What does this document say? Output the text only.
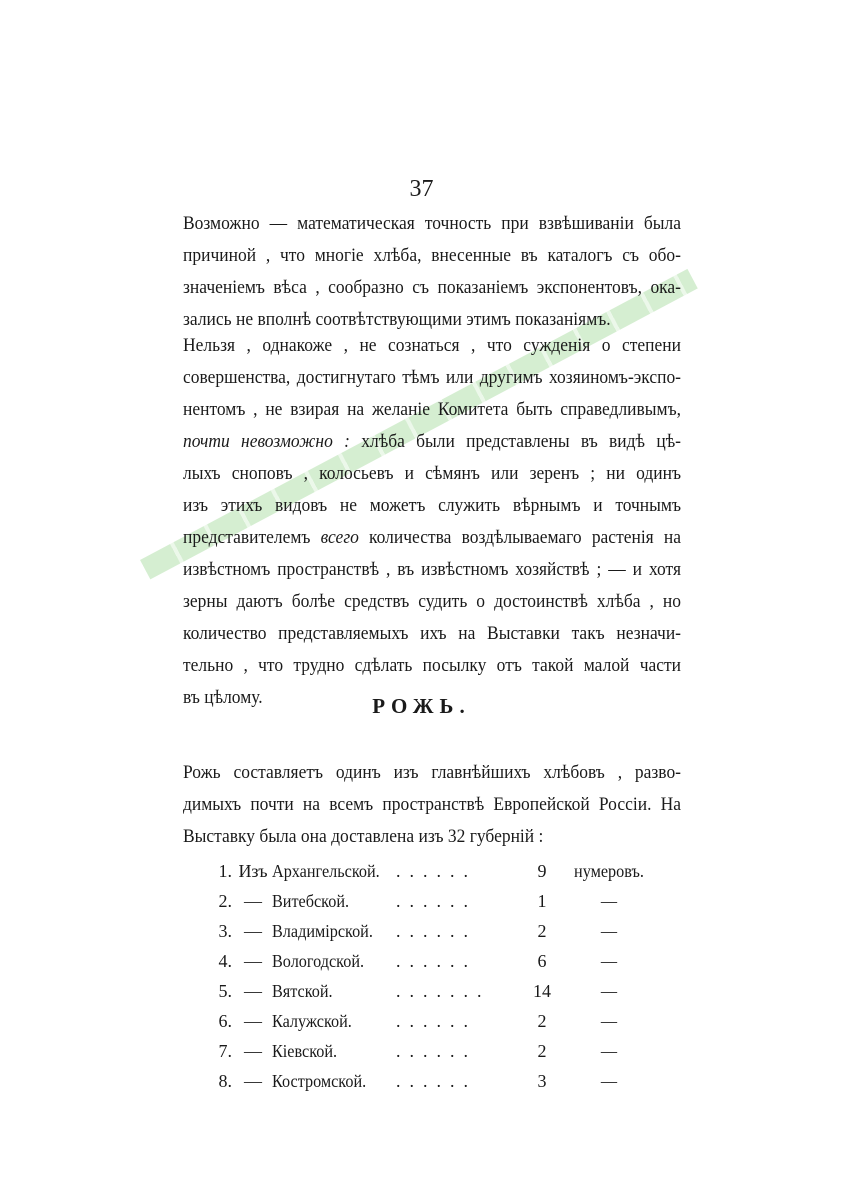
37

Возможно — математическая точность при взвѣшиваніи была
причиной , что многіе хлѣба, внесенные въ каталогъ съ обо-
значеніемъ вѣса , сообразно съ показаніемъ экспонентовъ, ока-
зались не вполнѣ соотвѣтствующими этимъ показаніямъ.

Нельзя , однакоже , не сознаться , что сужденія о степени
совершенства, достигнутаго тѣмъ или другимъ хозяиномъ-экспо-
нентомъ , не взирая на желаніе Комитета быть справедливымъ,
почти невозможно : хлѣба были представлены въ видѣ цѣ-
лыхъ сноповъ , колосьевъ и сѣмянъ или зеренъ ; ни одинъ
изъ этихъ видовъ не можетъ служить вѣрнымъ и точнымъ
представителемъ всего количества воздѣлываемаго растенія на
извѣстномъ пространствѣ , въ извѣстномъ хозяйствѣ ; — и хотя
зерны даютъ болѣе средствъ судить о достоинствѣ хлѣба , но
количество представляемыхъ ихъ на Выставки такъ незначи-
тельно , что трудно сдѣлать посылку отъ такой малой части
въ цѣлому.	РОЖЬ.

Рожь составляетъ одинъ изъ главнѣйшихъ хлѣбовъ , разво-
димыхъ почти на всемъ пространствѣ Европейской Россіи. На
Выставку была она доставлена изъ 32 губерній :

1. Изъ Архангельской. ......	9	нумеровъ.
2. — Витебской.	......	1	—
3. — Владимірской. ......	2	—
4. — Вологодской. ......	6	—
5. — Вятской.	.......	14	—
6. — Калужской. ......	2	—
7. — Кіевской.	......	2	—
8. — Костромской. ......	3	—
